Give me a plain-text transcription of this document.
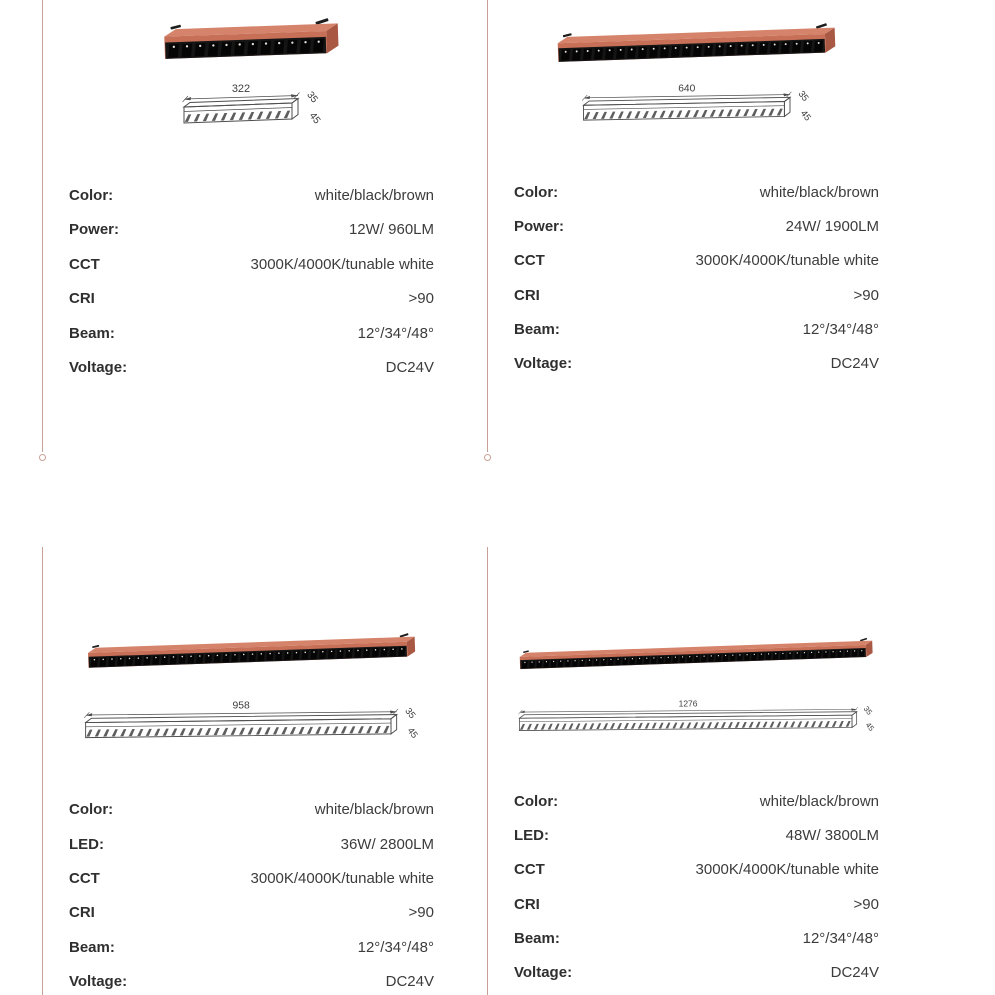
322
35
45
Color:	white/black/brown
Power:	12W/ 960LM
CCT	3000K/4000K/tunable white
CRI	>90
Beam:	12°/34°/48°
Voltage:	DC24V
640
35
45
Color:	white/black/brown
Power:	24W/ 1900LM
CCT	3000K/4000K/tunable white
CRI	>90
Beam:	12°/34°/48°
Voltage:	DC24V
958	35
45
Color:	white/black/brown
LED:	36W/ 2800LM
CCT	3000K/4000K/tunable white
CRI	>90
Beam:	12°/34°/48°
Voltage:	DC24V
1276
35
45
Color:	white/black/brown
LED:	48W/ 3800LM
CCT	3000K/4000K/tunable white
CRI	>90
Beam:	12°/34°/48°
Voltage:	DC24V
